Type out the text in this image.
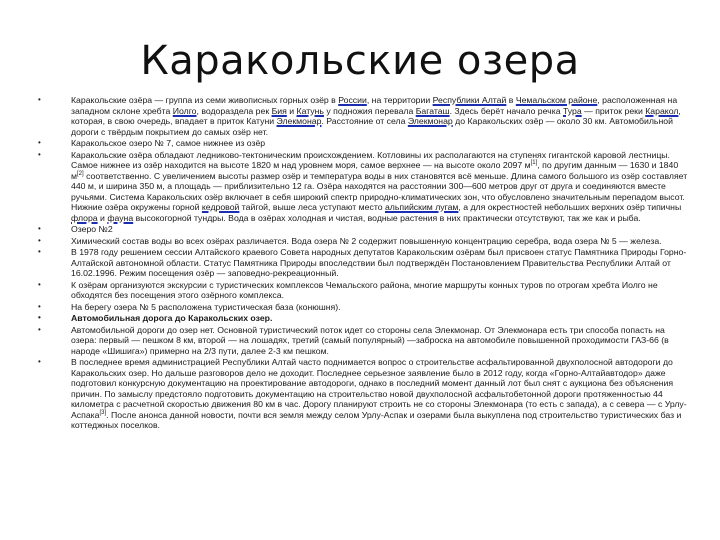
Каракольские озера
• Каракольские озёра — группа из семи живописных горных озёр в России, на территории Республики Алтай в Чемальском районе, расположенная на западном склоне хребта Иолго, водораздела рек Бия и Катунь у подножия перевала Багаташ. Здесь берёт начало речка Тура — приток реки Каракол, которая, в свою очередь, впадает в приток Катуни Элекмонар. Расстояние от села Элекмонар до Каракольских озёр — около 30 км. Автомобильной дороги с твёрдым покрытием до самых озёр нет.
• Каракольское озеро № 7, самое нижнее из озёр
• Каракольские озёра обладают ледниково-тектоническим происхождением. Котловины их располагаются на ступенях гигантской каровой лестницы. Самое нижнее из озёр находится на высоте 1820 м над уровнем моря, самое верхнее — на высоте около 2097 м[1], по другим данным — 1630 и 1840 м[2] соответственно. С увеличением высоты размер озёр и температура воды в них становятся всё меньше. Длина самого большого из озёр составляет 440 м, и ширина 350 м, а площадь — приблизительно 12 га. Озёра находятся на расстоянии 300—600 метров друг от друга и соединяются вместе ручьями. Система Каракольских озёр включает в себя широкий спектр природно-климатических зон, что обусловлено значительным перепадом высот. Нижние озёра окружены горной кедровой тайгой, выше леса уступают место альпийским лугам, а для окрестностей небольших верхних озёр типичны флора и фауна высокогорной тундры. Вода в озёрах холодная и чистая, водные растения в них практически отсутствуют, так же как и рыба.
• Озеро №2
• Химический состав воды во всех озёрах различается. Вода озера № 2 содержит повышенную концентрацию серебра, вода озера № 5 — железа.
• В 1978 году решением сессии Алтайского краевого Совета народных депутатов Каракольским озёрам был присвоен статус Памятника Природы Горно-Алтайской автономной области. Статус Памятника Природы впоследствии был подтверждён Постановлением Правительства Республики Алтай от 16.02.1996. Режим посещения озёр — заповедно-рекреационный.
• К озёрам организуются экскурсии с туристических комплексов Чемальского района, многие маршруты конных туров по отрогам хребта Иолго не обходятся без посещения этого озёрного комплекса.
• На берегу озера № 5 расположена туристическая база (конюшня).
• Автомобильная дорога до Каракольских озер.
• Автомобильной дороги до озер нет. Основной туристический поток идет со стороны села Элекмонар. От Элекмонара есть три способа попасть на озера: первый — пешком 8 км, второй — на лошадях, третий (самый популярный) —заброска на автомобиле повышенной проходимости ГАЗ-66 (в народе «Шишига») примерно на 2/3 пути, далее 2-3 км пешком.
• В последнее время администрацией Республики Алтай часто поднимается вопрос о строительстве асфальтированной двухполосной автодороги до Каракольских озер. Но дальше разговоров дело не доходит. Последнее серьезное заявление было в 2012 году, когда «Горно-Алтайавтодор» даже подготовил конкурсную документацию на проектирование автодороги, однако в последний момент данный лот был снят с аукциона без объяснения причин. По замыслу предстояло подготовить документацию на строительство новой двухполосной асфальтобетонной дороги протяженностью 44 километра с расчетной скоростью движения 80 км в час. Дорогу планируют строить не со стороны Элекмонара (то есть с запада), а с севера — с Урлу-Аспака[3]. После анонса данной новости, почти вся земля между селом Урлу-Аспак и озерами была выкуплена под строительство туристических баз и коттеджных поселков.
